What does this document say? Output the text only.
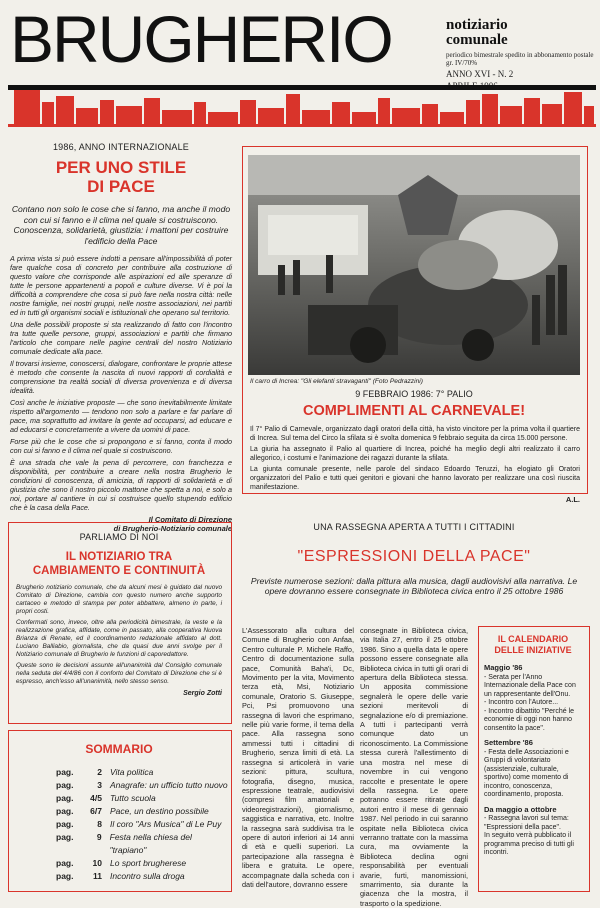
BRUGHERIO	notiziario
comunale
periodico bimestrale spedito in abbonamento postale gr. IV/70%
ANNO XVI - N. 2
1986, ANNO INTERNAZIONALE
PER UNO STILE
DI PACE
Contano non solo le cose che si fanno, ma anche il modo con cui si fanno e il clima nel quale si costruiscono. Conoscenza, solidarietà, giustizia: i mattoni per costruire l'edificio della Pace

A prima vista si può essere indotti a pensare all'impossibilità di poter fare qualche cosa di concreto per contribuire alla costruzione di questo valore che corrisponde alle aspirazioni ed alle speranze di tutte le persone appartenenti a popoli e culture diverse. Vi è poi la difficoltà a comprendere che cosa si può fare nella nostra città: nelle nostre famiglie, nei nostri gruppi, nelle nostre associazioni, nei partiti ed in tutti gli organismi sociali e istituzionali che operano sul territorio.

Una delle possibili proposte si sta realizzando di fatto con l'incontro tra tutte quelle persone, gruppi, associazioni e partiti che firmano l'articolo che compare nelle pagine centrali del nostro Notiziario comunale dedicate alla pace.

Il trovarsi insieme, conoscersi, dialogare, confrontare le proprie attese è metodo che consente la nascita di nuovi rapporti di cordialità e comprensione tra realtà sociali di diversa provenienza e di diversa idealità.

Così anche le iniziative proposte — che sono inevitabilmente limitate rispetto all'argomento — tendono non solo a parlare e far parlare di pace, ma soprattutto ad invitare la gente ad occuparsi, ad educare e ad educarsi e concretamente a vivere da uomini di pace.

Forse più che le cose che si propongono e si fanno, conta il modo con cui si fanno e il clima nel quale si costruiscono.

È una strada che vale la pena di percorrere, con franchezza e disponibilità, per contribuire a creare nella nostra Brugherio le condizioni di conoscenza, di amicizia, di rapporti di solidarietà e di giustizia che sono il nostro piccolo mattone che spetta a noi, e solo a noi, portare al cantiere in cui si costruisce quello stupendo edificio che è la casa della Pace.

Il Comitato di Direzione
di Brugherio-Notiziario comunale
Il carro di Increa: "Gli elefanti stravaganti" (Foto Pedrazzini)
9 FEBBRAIO 1986: 7° PALIO
COMPLIMENTI AL CARNEVALE!

Il 7° Palio di Carnevale, organizzato dagli oratori della città, ha visto vincitore per la prima volta il quartiere di Increa. Sul tema del Circo la sfilata si è svolta domenica 9 febbraio seguita da circa 15.000 persone.

La giuria ha assegnato il Palio al quartiere di Increa, poiché ha meglio degli altri realizzato il carro allegorico, i costumi e l'animazione dei ragazzi durante la sfilata.

La giunta comunale presente, nelle parole del sindaco Edoardo Teruzzi, ha elogiato gli Oratori organizzatori del Palio e tutti quei genitori e giovani che hanno lavorato per realizzare una così riuscita manifestazione.

A.L.
PARLIAMO DI NOI
IL NOTIZIARIO TRA
CAMBIAMENTO E CONTINUITÀ

Brugherio notiziario comunale, che da alcuni mesi è guidato dal nuovo Comitato di Direzione, cambia con questo numero anche supporto cartaceo e metodo di stampa per poter abbattere, almeno in parte, i propri costi.

Confermati sono, invece, oltre alla periodicità bimestrale, la veste e la realizzazione grafica, affidate, come in passato, alla cooperativa Nuova Brianza di Renate, ed il coordinamento redazionale affidato al dott. Luciano Balliabio, giornalista, che da quasi due anni svolge per il Notiziario comunale di Brugherio le funzioni di caporedattore.

Queste sono le decisioni assunte all'unanimità dal Consiglio comunale nella seduta del 4/4/86 con il conforto del Comitato di Direzione che si è espresso, anch'esso all'unanimità, nello stesso senso.

Sergio Zotti
SOMMARIO
pag.	2 Vita politica
pag.	3 Anagrafe: un ufficio tutto nuovo
pag.	4/5 Tutto scuola
pag.	6/7 Pace, un destino possibile
pag.	8 Il coro "Ars Musica" di Le Puy
pag.	9 Festa nella chiesa del "trapiano"
pag.	10 Lo sport brugherese
pag.	11 Incontro sulla droga
UNA RASSEGNA APERTA A TUTTI I CITTADINI
"ESPRESSIONI DELLA PACE"
Previste numerose sezioni: dalla pittura alla musica, dagli audiovisivi alla narrativa. Le opere dovranno essere consegnate in Biblioteca civica entro il 25 ottobre 1986
L'Assessorato alla cultura del Comune di Brugherio con Anfaa, Centro culturale P. Michele Raffo, Centro di documentazione sulla pace, Comunità Baha'i, Dc, Movimento per la vita, Movimento terza età, Msi, Notiziario comunale, Oratorio S. Giuseppe, Pci, Psi promuovono una rassegna di lavori che esprimano, nelle più varie forme, il tema della pace. Alla rassegna sono ammessi tutti i cittadini di Brugherio, senza limiti di età. La rassegna si articolerà in varie sezioni: pittura, scultura, fotografia, disegno, musica, espressione teatrale, audiovisivi (compresi film amatoriali e videoregistrazioni), giornalismo, saggistica e narrativa, etc. Inoltre la rassegna sarà suddivisa tra le opere di autori inferiori ai 14 anni di età e quelli superiori. La partecipazione alla rassegna è libera e gratuita. Le opere, accompagnate dalla scheda con i dati dell'autore, dovranno essere
consegnate in Biblioteca civica, via Italia 27, entro il 25 ottobre 1986. Sino a quella data le opere possono essere consegnate alla Biblioteca civica in tutti gli orari di apertura della Biblioteca stessa. Un apposita commissione segnalerà le opere delle varie sezioni meritevoli di segnalazione e/o di premiazione. A tutti i partecipanti verrà comunque dato un riconoscimento. La Commissione stessa curerà l'allestimento di una mostra nel mese di novembre in cui vengono raccolte e presentate le opere della rassegna. Le opere potranno essere ritirate dagli autori entro il mese di gennaio 1987. Nel periodo in cui saranno ospitate nella Biblioteca civica verranno trattate con la massima cura, ma ovviamente la Biblioteca declina ogni responsabilità per eventuali avarie, furti, manomissioni, smarrimento, sia durante la giacenza che la mostra, il trasporto o la spedizione.
IL CALENDARIO
DELLE INIZIATIVE
Maggio '86
- Serata per l'Anno Internazionale della Pace con un rappresentante dell'Onu.
- Incontro con l'Autore...
- Incontro dibattito "Perché le economie di oggi non hanno consentito la pace".
Settembre '86
- Festa delle Associazioni e Gruppi di volontariato (assistenziale, culturale, sportivo) come momento di incontro, conoscenza, coordinamento, proposta.
Da maggio a ottobre
- Rassegna lavori sul tema: "Espressioni della pace".
In seguito verrà pubblicato il programma preciso di tutti gli incontri.
